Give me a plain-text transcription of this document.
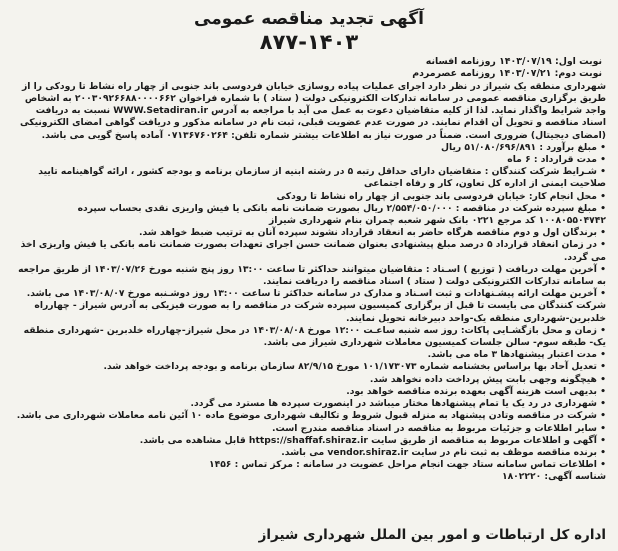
آگهی تجدید مناقصه عمومی
۸۷۷-۱۴۰۳
نوبت اول: ۱۴۰۳/۰۷/۱۹ روزنامه افسانه
نوبت دوم: ۱۴۰۳/۰۷/۲۱ روزنامه عصرمردم

شهرداری منطقه یک شیراز در نظر دارد اجرای عملیات پیاده روسازی خیابان فردوسی باند جنوبی از چهار راه نشاط تا رودکی را از طریق برگزاری مناقصه عمومی در سامانه تدارکات الکترونیکی دولت ( ستاد ) با شماره فراخوان ۲۰۰۳۰۹۲۶۶۸۸۰۰۰۰۶۶۲ به اشخاص واجد شرایط واگذار نماید. لذا از کلیه متقاضیان دعوت به عمل می آید با مراجعه به آدرس WWW.Setadiran.ir نسبت به دریافت اسناد مناقصه و تحویل آن اقدام نمایند. در صورت عدم عضویت قبلی، ثبت نام در سامانه مذکور و دریافت گواهی امضای الکترونیکی (امضای دیجیتال) ضروری است. ضمناً در صورت نیاز به اطلاعات بیشتر شماره تلفن: ۰۷۱۳۶۷۶۰۲۶۴ آماده پاسخ گویی می باشد.

• مبلغ برآورد : ۵۱/۰۸۰/۶۹۶/۸۹۱ ریال

• مدت قرارداد : ۶ ماه

• شـرایط شرکت کنندگان : متقاضیان دارای حداقل رتبه ۵ در رشته ابنیه از سازمان برنامه و بودجه کشور ، ارائه گواهینامه تایید صلاحیت ایمنی از اداره کل تعاون، کار و رفاه اجتماعی

• محل انجام کار: خیابان فردوسی باند جنوبی از چهار راه نشاط تا رودکی

• مبلغ سپرده شرکت در مناقصه : ۲/۵۵۴/۰۵۰/۰۰۰ ریال بصورت ضمانت نامه بانکی یا فیش واریزی نقدی بحساب سپرده ۱۰۰۸۰۵۵۰۴۷۴۲ کد مرجع ۰۲۲۱ بانک شهر شعبه چمران بنام شهرداری شیراز

• برندگان اول و دوم مناقصه هرگاه حاضر به انعقاد قرارداد نشوند سپرده آنان به ترتیب ضبط خواهد شد.

• در زمان انعقاد قرارداد ۵ درصد مبلغ پیشنهادی بعنوان ضمانت حسن اجرای تعهدات بصورت ضمانت نامه بانکی یا فیش واریزی اخذ می گردد.

• آخرین مهلت دریافت ( توزیع ) اسـناد : متقاضیان میتوانند حداکثر تا ساعت ۱۳:۰۰ روز پنج شنبه مورخ ۱۴۰۳/۰۷/۲۶ از طریق مراجعه به سامانه تدارکات الکترونیکی دولت ( ستاد ) اسناد مناقصه را دریافت نمایند.

• آخرین مهلت ارائه پیشـنهادات و ثبت اسـناد و مدارک در سامانه حداکثر تا ساعت ۱۳:۰۰ روز دوشـنبه مورخ ۱۴۰۳/۰۸/۰۷ می باشد. شرکت کنندگان می بایست تا قبل از برگزاری کمیسیون سپرده شرکت در مناقصه را به صورت فیزیکی به آدرس شیراز - چهارراه خلدبرین-شهرداری منطقه یک-واحد دبیرخانه تحویل نمایند.

• زمان و محل بازگشـایی پاکات: روز سه شنبه ساعـت ۱۲:۰۰ مورخ ۱۴۰۳/۰۸/۰۸ در محل شیراز-چهارراه خلدبرین -شهرداری منطقه یک- طبقه سوم- سالن جلسات کمیسیون معاملات شهرداری شیراز می باشد.

• مدت اعتبار پیشنهادها ۳ ماه می باشد.

• تعدیل آحاد بها براساس بخشنامه شماره ۱۰۱/۱۷۳۰۷۳ مورخ ۸۲/۹/۱۵ سازمان برنامه و بودجه پرداخت خواهد شد.

• هیچگونه وجهی بابت پیش پرداخت داده نخواهد شد.

• بدیهی است هزینه آگهی بعهده برنده مناقصه خواهد بود.

• شهرداری در رد یک یا تمام پیشنهادها مختار میباشد در اینصورت سپرده ها مسترد می گردد.

• شرکت در مناقصه وتادن پیشنهاد به منزله قبول شروط و تکالیف شهرداری موضوع ماده ۱۰ آئین نامه معاملات شهرداری می باشد.

• سایر اطلاعات و جزئیات مربوط به مناقصه در اسناد مناقصه مندرج است.

• آگهی و اطلاعات مربوط به مناقصه از طریق سایت https://shaffaf.shiraz.ir قابل مشاهده می باشد.

• برنده مناقصه موظف به ثبت نام در سایت vendor.shiraz.ir می باشد.

• اطلاعات تماس سامانه ستاد جهت انجام مراحل عضویت در سامانه : مرکز تماس : ۱۴۵۶

شناسه آگهی: ۱۸۰۲۲۲۰

اداره کل ارتباطات و امور بین الملل شهرداری شیراز
